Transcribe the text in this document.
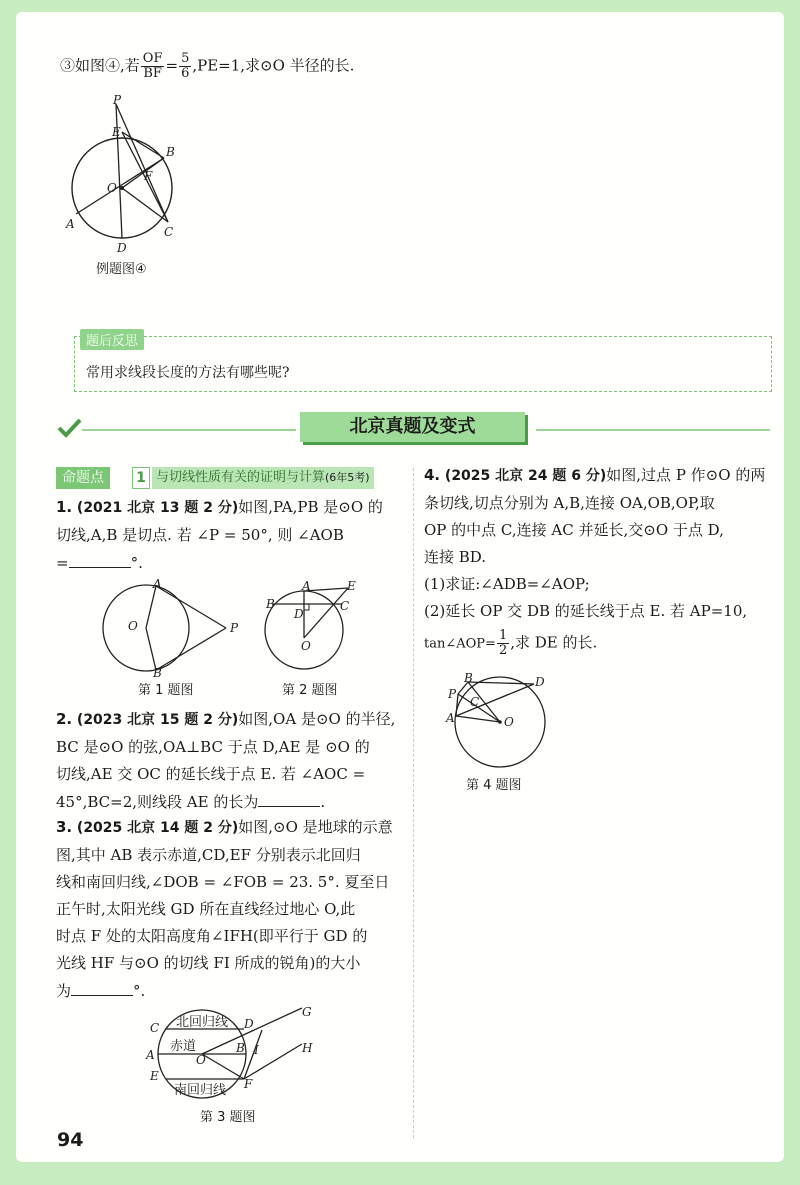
③如图④,若 $\frac{OF}{BF} = \frac{5}{6} ,PE=1$,求⊙O 半径的长.
P
E
B
F
O
A
C
D
例题图④
题后反思
常用求线段长度的方法有哪些呢?
北京真题及变式
命题点	1 与切线性质有关的证明与计算(6年5考)
1. (2021 北京 13 题 2 分)如图,PA,PB 是⊙O 的
切线,A,B 是切点. 若 ∠P = 50°, 则 ∠AOB
=	°.
A
O	P
B
第 1 题图
A	E
B	C
D
O
第 2 题图
2. (2023 北京 15 题 2 分)如图,OA 是⊙O 的半径,
BC 是⊙O 的弦,OA⊥BC 于点 D,AE 是 ⊙O 的
切线,AE 交 OC 的延长线于点 E. 若 ∠AOC =
45°,BC=2,则线段 AE 的长为	.
3. (2025 北京 14 题 2 分)如图,⊙O 是地球的示意
图,其中 AB 表示赤道,CD,EF 分别表示北回归
线和南回归线,∠DOB = ∠FOB = 23. 5°. 夏至日
正午时,太阳光线 GD 所在直线经过地心 O,此
时点 F 处的太阳高度角∠IFH(即平行于 GD 的
光线 HF 与⊙O 的切线 FI 所成的锐角)的大小
为	°.
G
C	D
A	O
B I	H
E
F
北回归线
赤道
南回归线
第 3 题图
4. (2025 北京 24 题 6 分)如图,过点 P 作⊙O 的两
条切线,切点分别为 A,B,连接 OA,OB,OP,取
OP 的中点 C,连接 AC 并延长,交⊙O 于点 D,
连接 BD.
(1)求证:∠ADB=∠AOP;
(2)延长 OP 交 DB 的延长线于点 E. 若 AP=10,
tan∠AOP= $\frac{1}{2}$ ,求 DE 的长.
B	D
P
C
A	O
第 4 题图
94
